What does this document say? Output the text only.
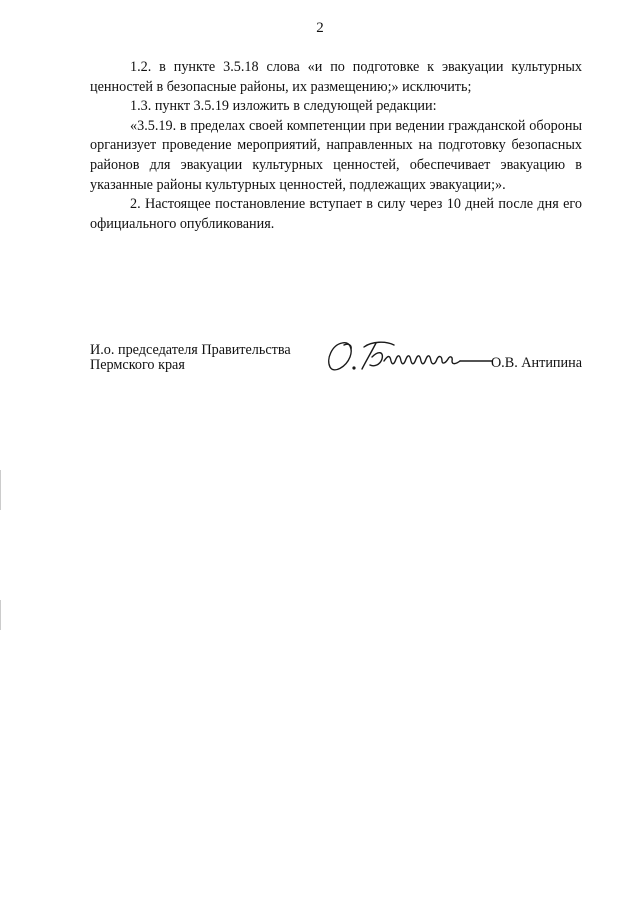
2

1.2. в пункте 3.5.18 слова «и по подготовке к эвакуации культурных ценностей в безопасные районы, их размещению;» исключить;

1.3. пункт 3.5.19 изложить в следующей редакции:

«3.5.19. в пределах своей компетенции при ведении гражданской обороны организует проведение мероприятий, направленных на подготовку безопасных районов для эвакуации культурных ценностей, обеспечивает эвакуацию в указанные районы культурных ценностей, подлежащих эвакуации;».

2. Настоящее постановление вступает в силу через 10 дней после дня его официального опубликования.

И.о. председателя Правительства
Пермского края	О.В. Антипина
